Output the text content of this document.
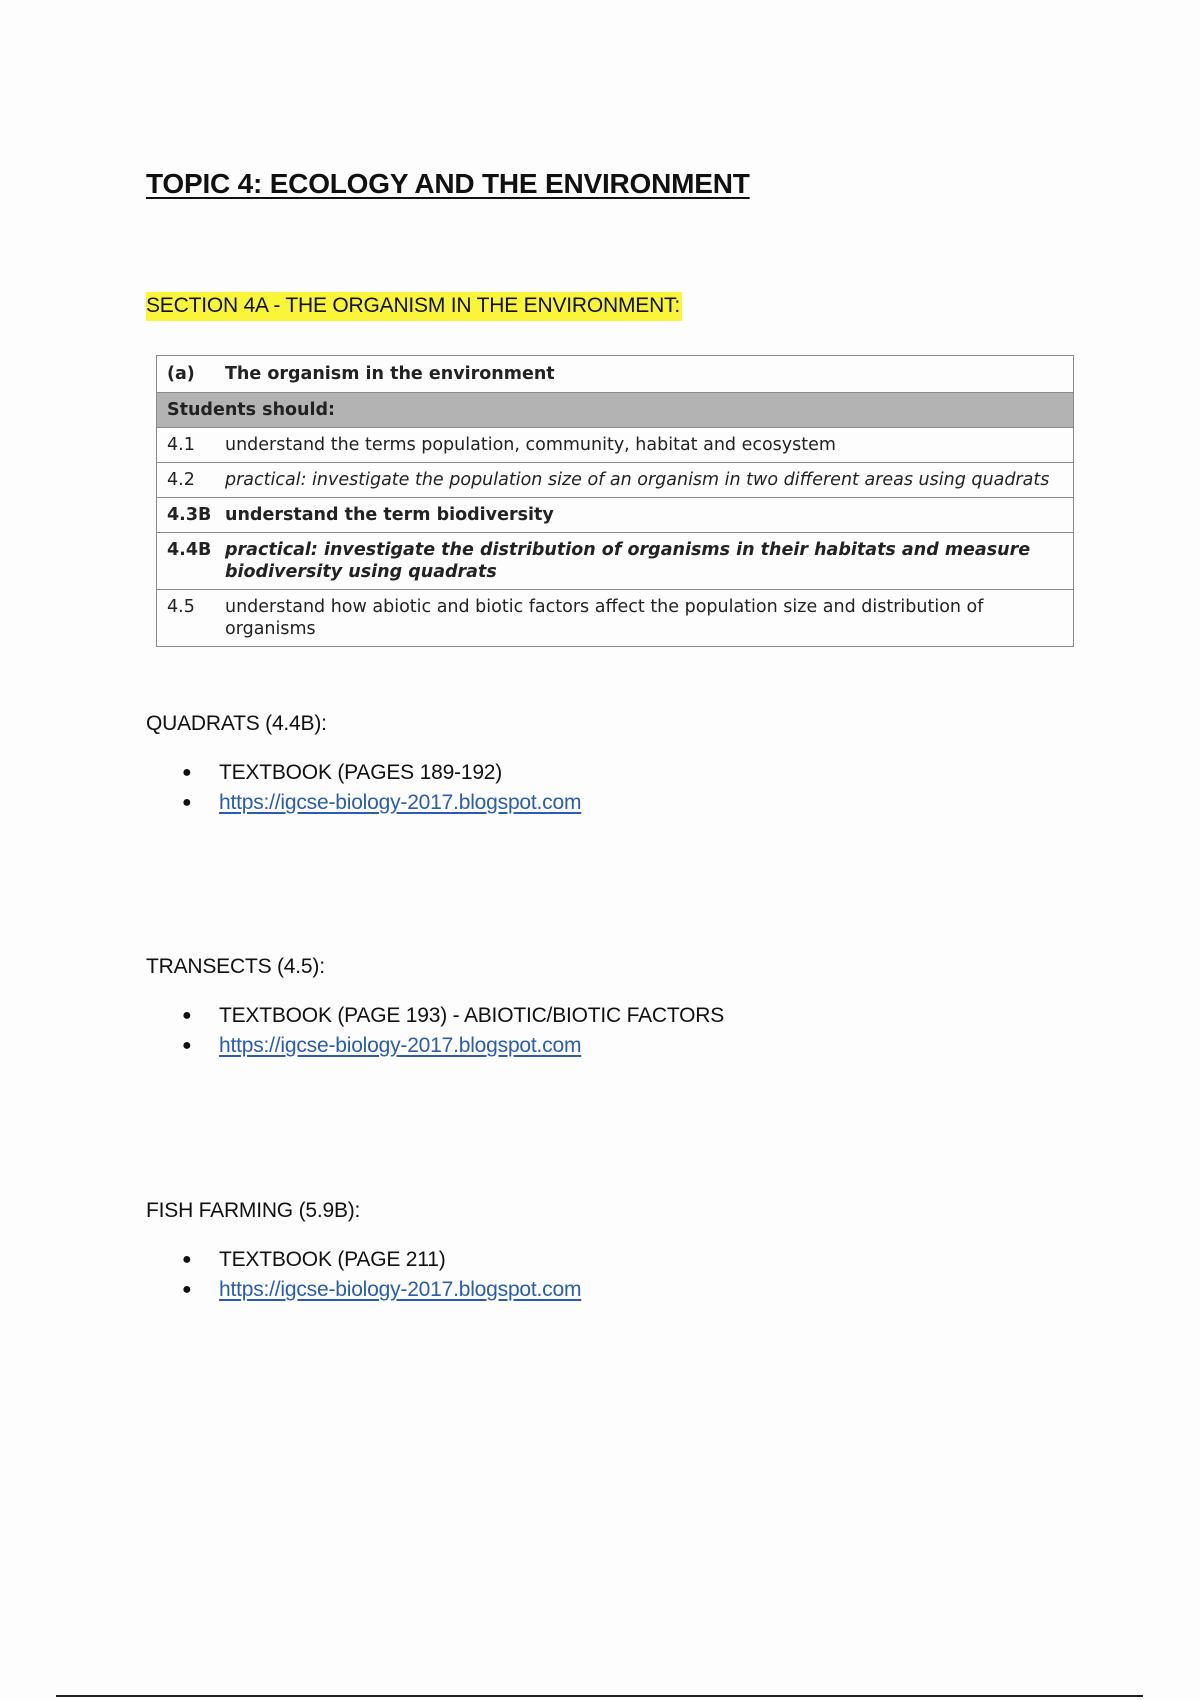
TOPIC 4: ECOLOGY AND THE ENVIRONMENT
SECTION 4A - THE ORGANISM IN THE ENVIRONMENT:
(a)	The organism in the environment
Students should:	
4.1	understand the terms population, community, habitat and ecosystem
4.2	practical: investigate the population size of an organism in two different areas using quadrats
4.3B	understand the term biodiversity
4.4B	practical: investigate the distribution of organisms in their habitats and measure biodiversity using quadrats
4.5	understand how abiotic and biotic factors affect the population size and distribution of organisms
QUADRATS (4.4B):
● TEXTBOOK (PAGES 189-192)
● https://igcse-biology-2017.blogspot.com
TRANSECTS (4.5):
● TEXTBOOK (PAGE 193) - ABIOTIC/BIOTIC FACTORS
● https://igcse-biology-2017.blogspot.com
FISH FARMING (5.9B):
● TEXTBOOK (PAGE 211)
● https://igcse-biology-2017.blogspot.com
